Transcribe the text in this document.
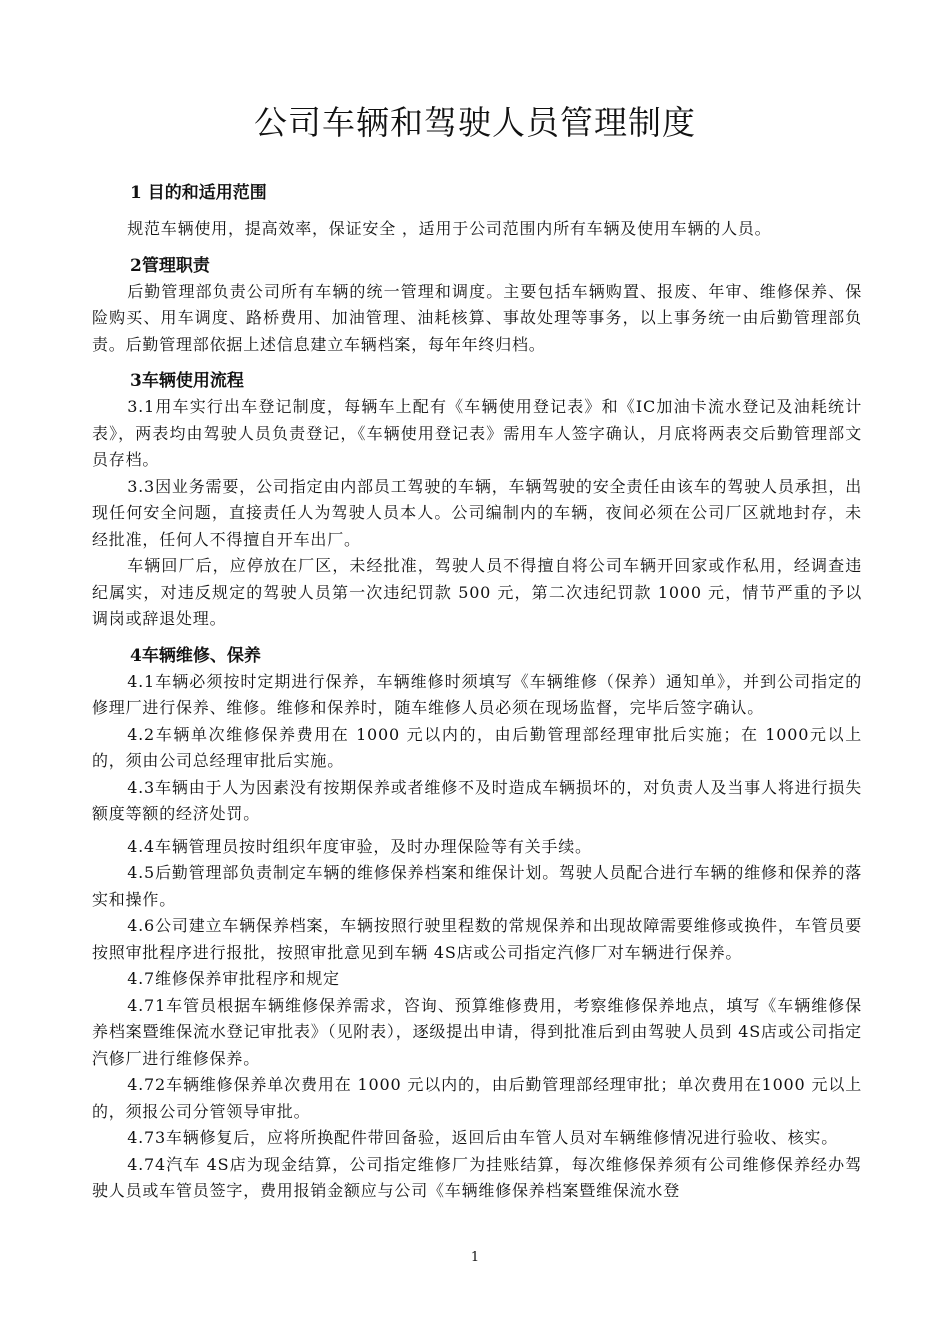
公司车辆和驾驶人员管理制度

1 目的和适用范围

规范车辆使用，提高效率，保证安全 ，适用于公司范围内所有车辆及使用车辆的人员。

2管理职责

后勤管理部负责公司所有车辆的统一管理和调度。主要包括车辆购置、报废、年审、维修保养、保险购买、用车调度、路桥费用、加油管理、油耗核算、事故处理等事务，以上事务统一由后勤管理部负责。后勤管理部依据上述信息建立车辆档案，每年年终归档。

3车辆使用流程

3.1用车实行出车登记制度，每辆车上配有《车辆使用登记表》和《IC加油卡流水登记及油耗统计表》，两表均由驾驶人员负责登记，《车辆使用登记表》需用车人签字确认，月底将两表交后勤管理部文员存档。

3.3因业务需要，公司指定由内部员工驾驶的车辆，车辆驾驶的安全责任由该车的驾驶人员承担，出现任何安全问题，直接责任人为驾驶人员本人。公司编制内的车辆，夜间必须在公司厂区就地封存，未经批准，任何人不得擅自开车出厂。

车辆回厂后，应停放在厂区，未经批准，驾驶人员不得擅自将公司车辆开回家或作私用，经调查违纪属实，对违反规定的驾驶人员第一次违纪罚款 500 元，第二次违纪罚款 1000 元，情节严重的予以调岗或辞退处理。

4车辆维修、保养

4.1车辆必须按时定期进行保养，车辆维修时须填写《车辆维修（保养）通知单》，并到公司指定的修理厂进行保养、维修。维修和保养时，随车维修人员必须在现场监督，完毕后签字确认。

4.2车辆单次维修保养费用在 1000 元以内的，由后勤管理部经理审批后实施；在 1000元以上的，须由公司总经理审批后实施。

4.3车辆由于人为因素没有按期保养或者维修不及时造成车辆损坏的，对负责人及当事人将进行损失额度等额的经济处罚。

4.4车辆管理员按时组织年度审验，及时办理保险等有关手续。

4.5后勤管理部负责制定车辆的维修保养档案和维保计划。驾驶人员配合进行车辆的维修和保养的落实和操作。

4.6公司建立车辆保养档案，车辆按照行驶里程数的常规保养和出现故障需要维修或换件，车管员要按照审批程序进行报批，按照审批意见到车辆 4S店或公司指定汽修厂对车辆进行保养。

4.7维修保养审批程序和规定

4.71车管员根据车辆维修保养需求，咨询、预算维修费用，考察维修保养地点，填写《车辆维修保养档案暨维保流水登记审批表》（见附表），逐级提出申请，得到批准后到由驾驶人员到 4S店或公司指定汽修厂进行维修保养。

4.72车辆维修保养单次费用在 1000 元以内的，由后勤管理部经理审批；单次费用在1000 元以上的，须报公司分管领导审批。

4.73车辆修复后，应将所换配件带回备验，返回后由车管人员对车辆维修情况进行验收、核实。

4.74汽车 4S店为现金结算，公司指定维修厂为挂账结算，每次维修保养须有公司维修保养经办驾驶人员或车管员签字，费用报销金额应与公司《车辆维修保养档案暨维保流水登

1
